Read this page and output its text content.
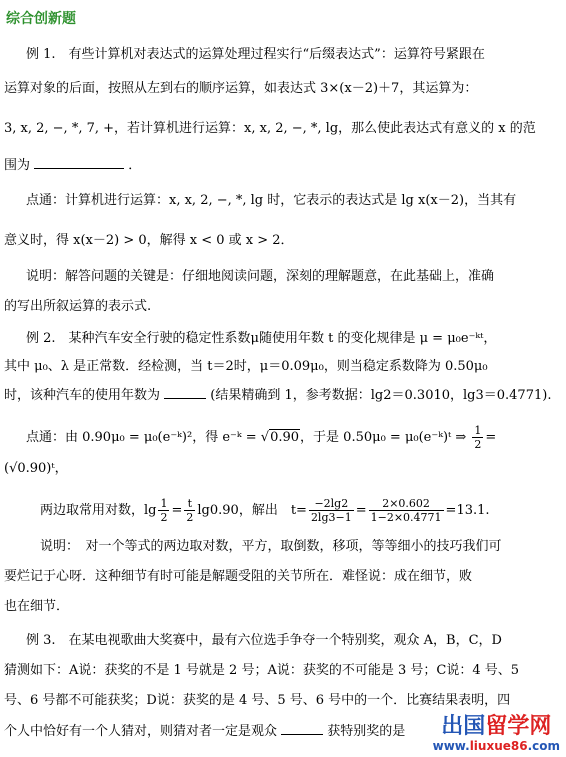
综合创新题
例 1.　有些计算机对表达式的运算处理过程实行“后缀表达式”：运算符号紧跟在
运算对象的后面，按照从左到右的顺序运算，如表达式 3×(x－2)＋7，其运算为：
3, x, 2, −, *, 7, +，若计算机进行运算：x, x, 2, −, *, lg，那么使此表达式有意义的 x 的范
围为	．
点通：计算机进行运算：x, x, 2, −, *, lg 时，它表示的表达式是 lg x(x－2)，当其有
意义时，得 x(x－2) > 0，解得 x < 0 或 x > 2．
说明：解答问题的关键是：仔细地阅读问题，深刻的理解题意，在此基础上，准确
的写出所叙运算的表示式.
例 2.　某种汽车安全行驶的稳定性系数μ随使用年数 t 的变化规律是 μ = μ₀e⁻ᵏᵗ，
其中 μ₀、λ 是正常数．经检测，当 t＝2时，μ＝0.09μ₀，则当稳定系数降为 0.50μ₀
时，该种汽车的使用年数为	(结果精确到 1，参考数据：lg2＝0.3010，lg3＝0.4771).
点通：由 0.90μ₀ = μ₀(e⁻ᵏ)²，得 e⁻ᵏ = √0.90，于是 0.50μ₀ = μ₀(e⁻ᵏ)ᵗ ⇒ $\frac{1}{2}$ =
(√0.90)ᵗ，
两边取常用对数，$\lg \frac{1}{2} = \frac{t}{2} \lg 0.90$，解出　$t= \frac{-2\lg 2}{2\lg 3-1} = \frac{2\times 0.602}{1-2\times 0.4771} =13.1$.
说明：　对一个等式的两边取对数，平方，取倒数，移项，等等细小的技巧我们可
要烂记于心呀．这种细节有时可能是解题受阻的关节所在．难怪说：成在细节，败
也在细节．
例 3.　在某电视歌曲大奖赛中，最有六位选手争夺一个特别奖，观众 A，B，C，D
猜测如下：A说：获奖的不是 1 号就是 2 号；A说：获奖的不可能是 3 号；C说：4 号、5
号、6 号都不可能获奖；D说：获奖的是 4 号、5 号、6 号中的一个．比赛结果表明，四
个人中恰好有一个人猜对，则猜对者一定是观众	获特别奖的是	出国留学网
www.liuxue86.com
